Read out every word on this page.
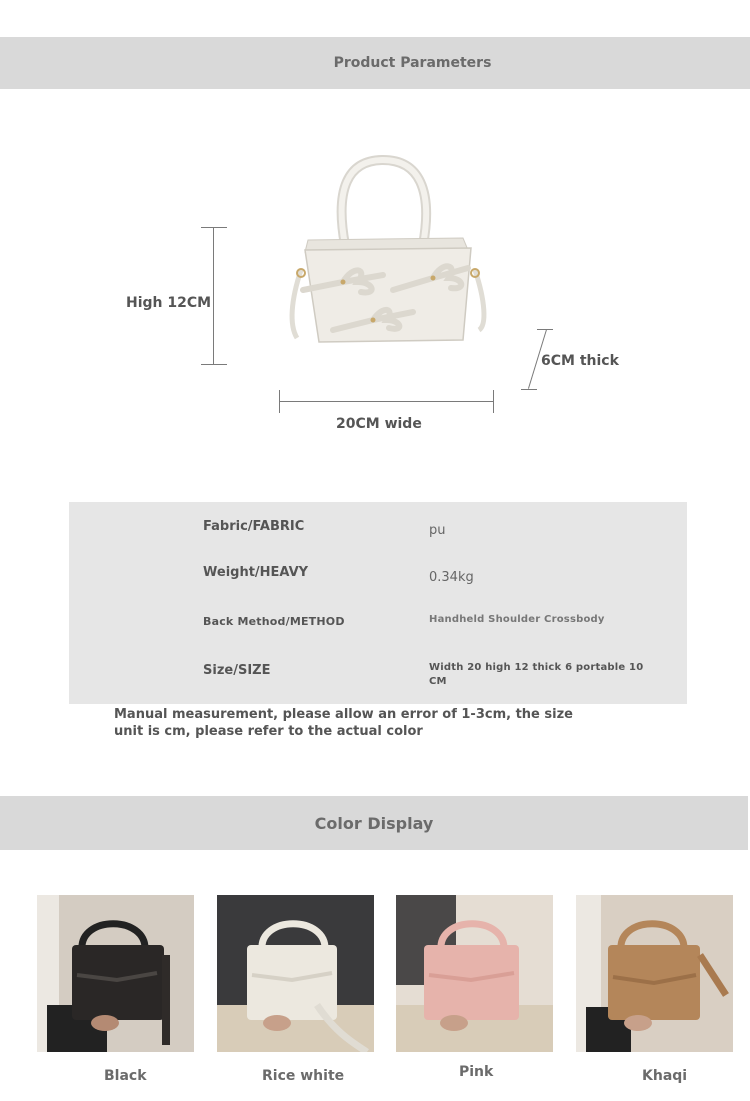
Product Parameters
High 12CM
6CM thick
20CM wide
Fabric/FABRIC	pu
Weight/HEAVY	0.34kg
Back Method/METHOD	Handheld Shoulder Crossbody
Size/SIZE	Width 20 high 12 thick 6 portable 10 CM
Manual measurement, please allow an error of 1-3cm, the size unit is cm, please refer to the actual color
Color Display
Black	Rice white	Pink	Khaqi
